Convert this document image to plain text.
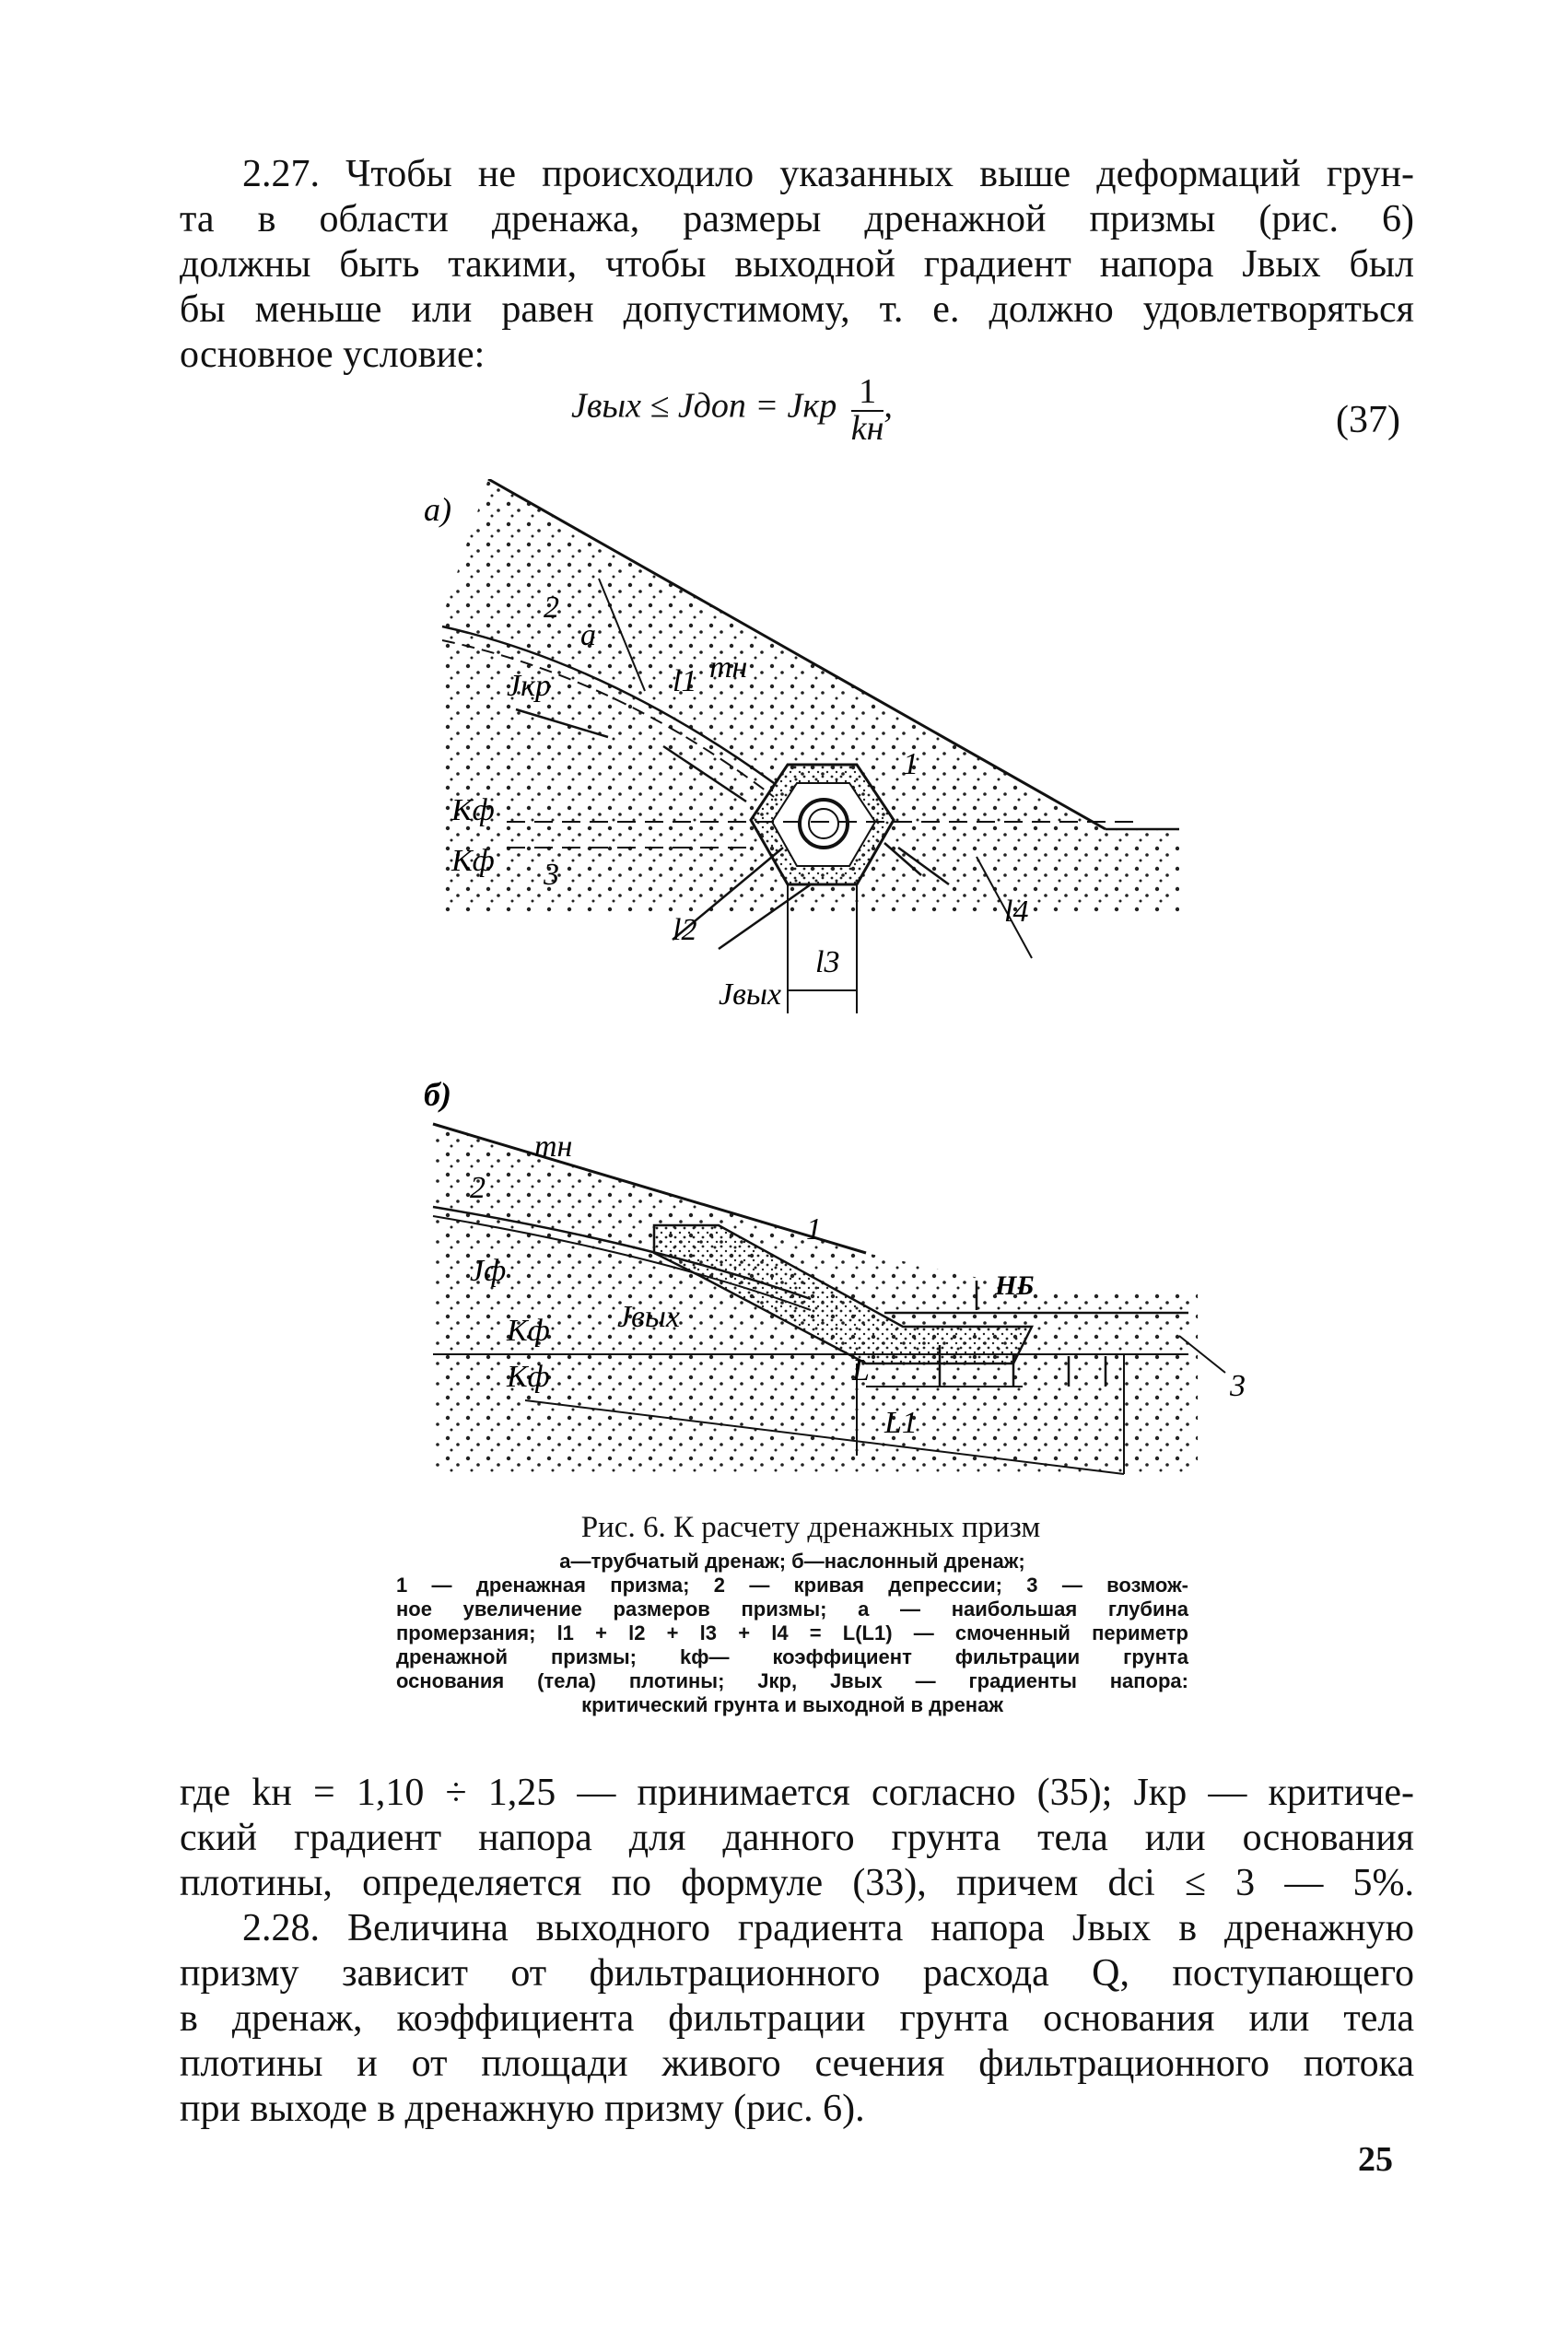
2.27. Чтобы не происходило указанных выше деформаций грун-
та в области дренажа, размеры дренажной призмы (рис. 6)
должны быть такими, чтобы выходной градиент напора Jвых был
бы меньше или равен допустимому, т. е. должно удовлетворяться
основное условие:
Jвых ≤ Jдоп = Jкр $\frac{1}{kн}$ ,	(37)
а)
mн
a
2
l1
1
Jкр
Kф
Kф 3
l2
Jвых
l3
l4
б)
mн
2
1
НБ
Jф
Jвых
Kф
Kф	L
L1
3
Рис. 6. К расчету дренажных призм
а—трубчатый дренаж; б—наслонный дренаж;
1 — дренажная призма; 2 — кривая депрессии; 3 — возмож-
ное увеличение размеров призмы; а — наибольшая глубина
промерзания; l1 + l2 + l3 + l4 = L(L1) — смоченный периметр
дренажной призмы; kф— коэффициент фильтрации грунта
основания (тела) плотины; Jкр, Jвых — градиенты напора:
критический грунта и выходной в дренаж
где kн = 1,10 ÷ 1,25 — принимается согласно (35); Jкр — критиче-
ский градиент напора для данного грунта тела или основания
плотины, определяется по формуле (33), причем dсі ≤ 3 — 5%.
2.28. Величина выходного градиента напора Jвых в дренажную
призму зависит от фильтрационного расхода Q, поступающего
в дренаж, коэффициента фильтрации грунта основания или тела
плотины и от площади живого сечения фильтрационного потока
при выходе в дренажную призму (рис. 6).
25
